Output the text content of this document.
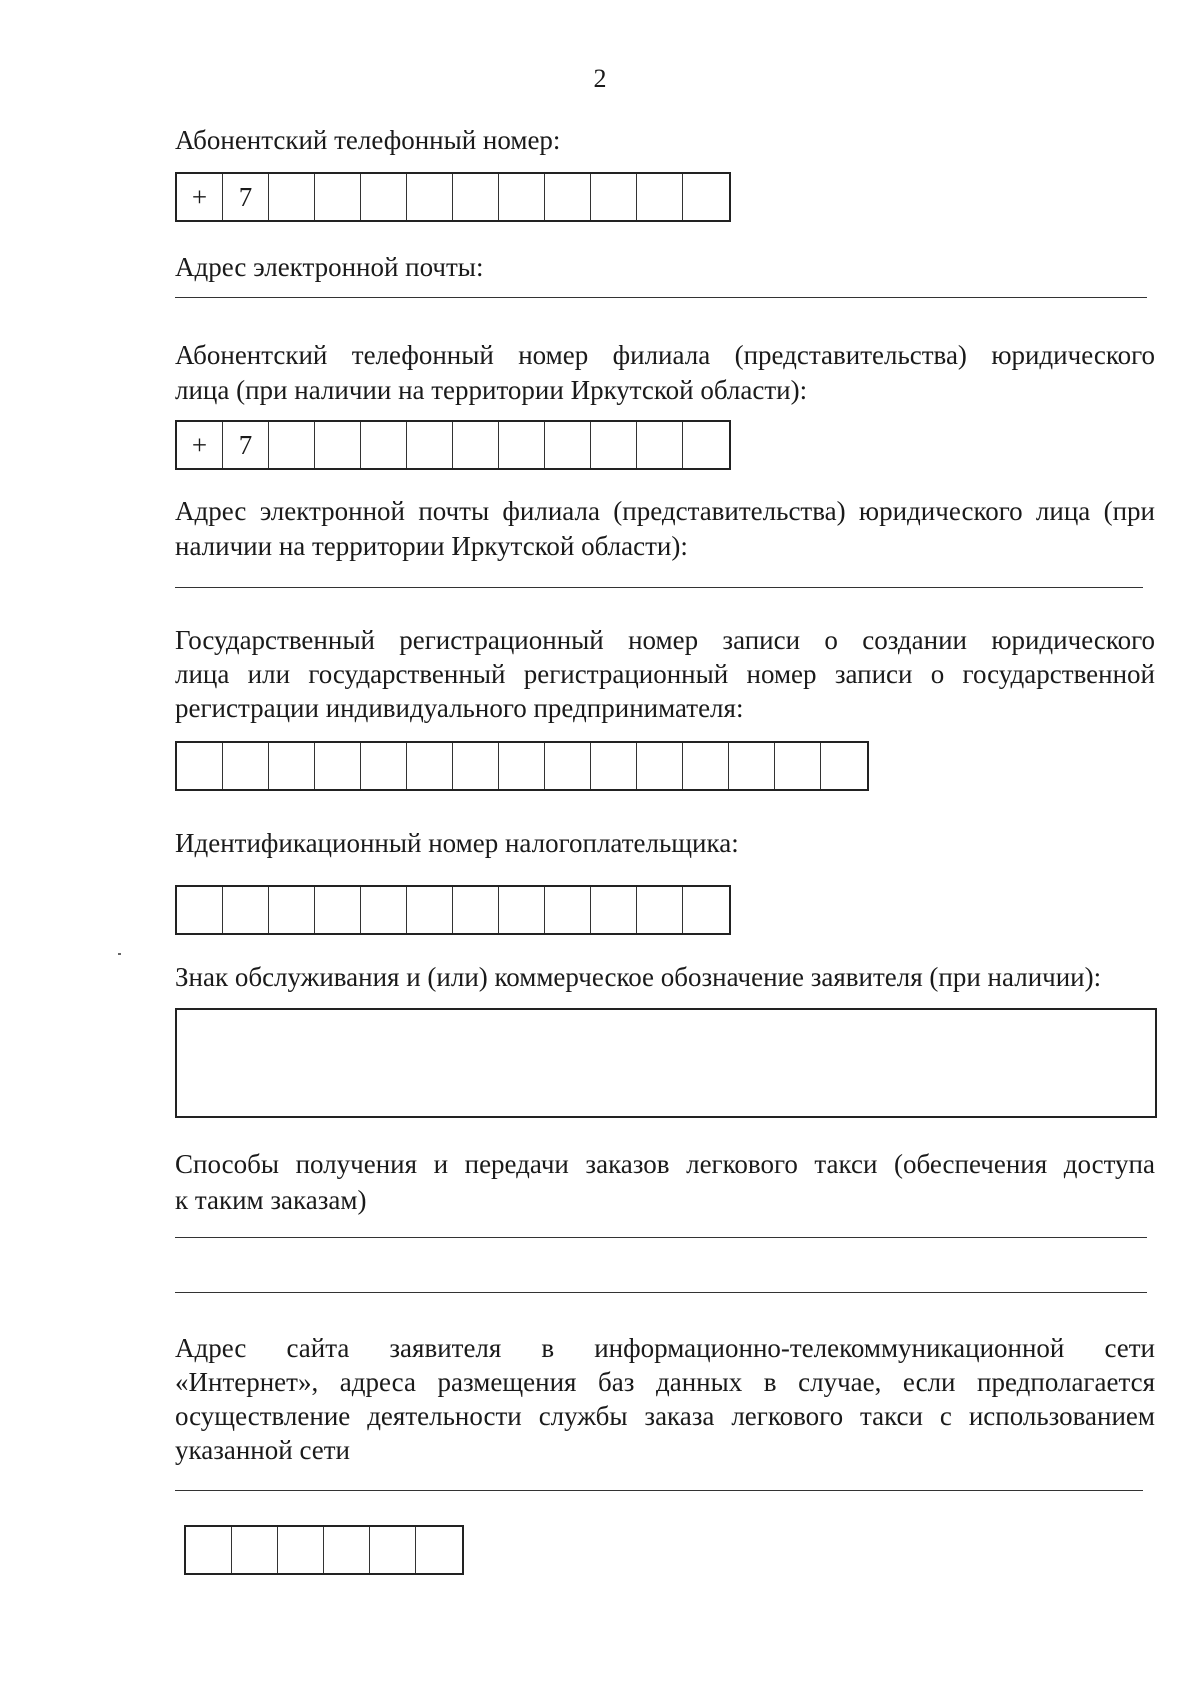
2

Абонентский телефонный номер:

+	7

Адрес электронной почты:

Абонентский телефонный номер филиала (представительства) юридического

лица (при наличии на территории Иркутской области):

+	7

Адрес электронной почты филиала (представительства) юридического лица (при

наличии на территории Иркутской области):

Государственный регистрационный номер записи о создании юридического

лица или государственный регистрационный номер записи о государственной

регистрации индивидуального предпринимателя:

Идентификационный номер налогоплательщика:

Знак обслуживания и (или) коммерческое обозначение заявителя (при наличии):

Способы получения и передачи заказов легкового такси (обеспечения доступа

к таким заказам)

Адрес сайта заявителя в информационно-телекоммуникационной сети

«Интернет», адреса размещения баз данных в случае, если предполагается

осуществление деятельности службы заказа легкового такси с использованием

указанной сети
